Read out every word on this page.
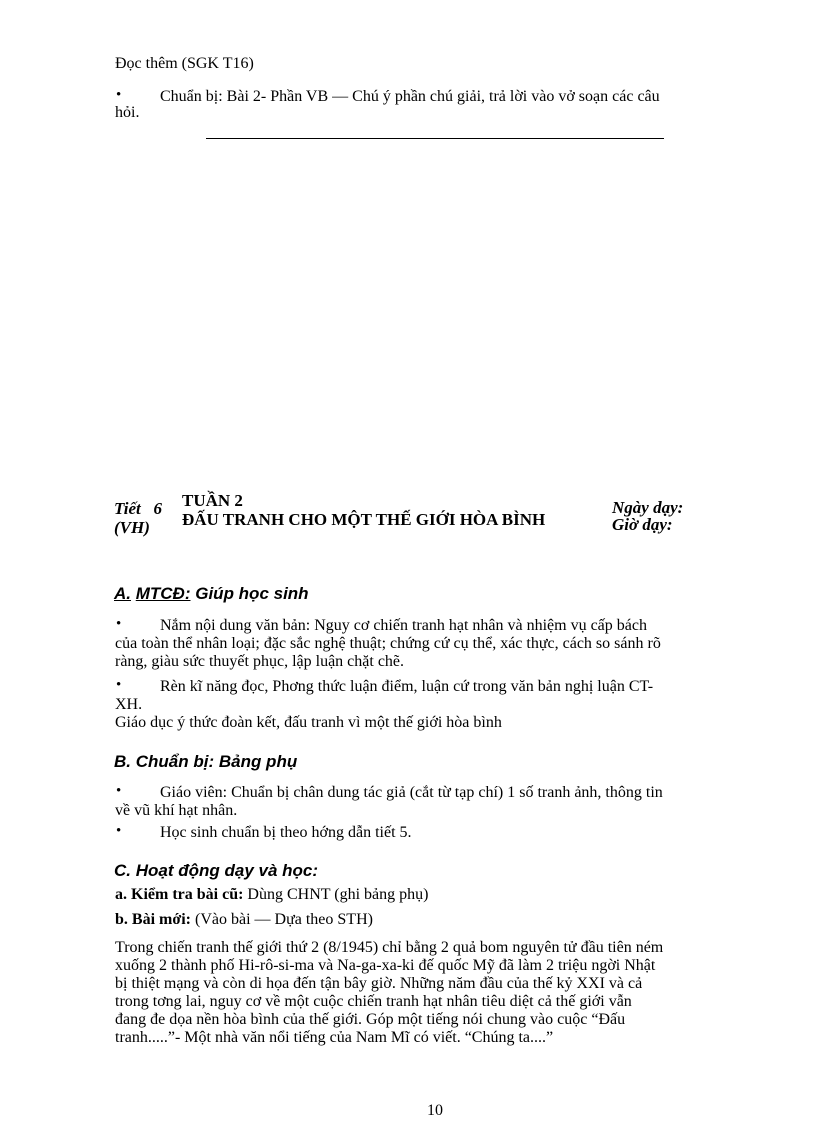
Đọc thêm (SGK T16)
• Chuẩn bị: Bài 2- Phần VB — Chú ý phần chú giải, trả lời vào vở soạn các câu
hỏi.
Tiết 6
(VH)
TUẦN 2
ĐẤU TRANH CHO MỘT THẾ GIỚI HÒA BÌNH
Ngày dạy:
Giờ dạy:
A. MTCĐ: Giúp học sinh
• Nắm nội dung văn bản: Nguy cơ chiến tranh hạt nhân và nhiệm vụ cấp bách
của toàn thể nhân loại; đặc sắc nghệ thuật; chứng cứ cụ thể, xác thực, cách so sánh rõ
ràng, giàu sức thuyết phục, lập luận chặt chẽ.
• Rèn kĩ năng đọc, Phơng thức luận điểm, luận cứ trong văn bản nghị luận CT-
XH.
Giáo dục ý thức đoàn kết, đấu tranh vì một thế giới hòa bình
B. Chuẩn bị: Bảng phụ
• Giáo viên: Chuẩn bị chân dung tác giả (cắt từ tạp chí) 1 số tranh ảnh, thông tin
về vũ khí hạt nhân.
• Học sinh chuẩn bị theo hớng dẫn tiết 5.
C. Hoạt động dạy và học:
a. Kiểm tra bài cũ: Dùng CHNT (ghi bảng phụ)
b. Bài mới: (Vào bài — Dựa theo STH)
Trong chiến tranh thế giới thứ 2 (8/1945) chỉ bằng 2 quả bom nguyên tử đầu tiên ném
xuống 2 thành phố Hi-rô-si-ma và Na-ga-xa-ki đế quốc Mỹ đã làm 2 triệu ngời Nhật
bị thiệt mạng và còn di họa đến tận bây giờ. Những năm đầu của thế kỷ XXI và cả
trong tơng lai, nguy cơ về một cuộc chiến tranh hạt nhân tiêu diệt cả thế giới vẫn
đang đe dọa nền hòa bình của thế giới. Góp một tiếng nói chung vào cuộc “Đấu
tranh.....”- Một nhà văn nổi tiếng của Nam Mĩ có viết. “Chúng ta....”
10
